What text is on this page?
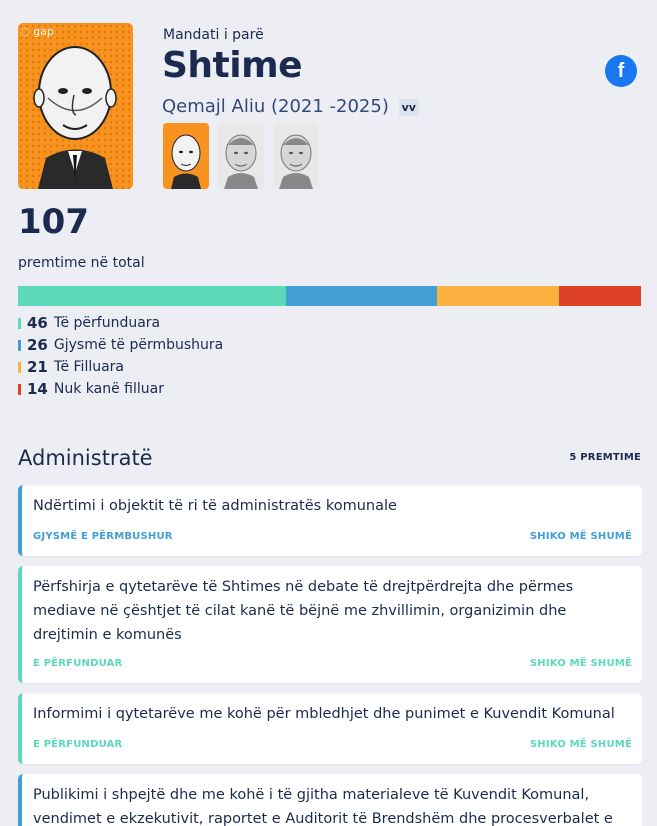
◌ gap	Mandati i parë
Shtime
Qemajl Aliu (2021 -2025) vv
f
107
premtime në total
46 Të përfunduara
26 Gjysmë të përmbushura
21 Të Filluara
14 Nuk kanë filluar
Administratë	5 PREMTIME
Ndërtimi i objektit të ri të administratës komunale
GJYSMË E PËRMBUSHUR	SHIKO MË SHUMË
Përfshirja e qytetarëve të Shtimes në debate të drejtpërdrejta dhe përmes mediave në çështjet të cilat kanë të bëjnë me zhvillimin, organizimin dhe drejtimin e komunës
E PËRFUNDUAR	SHIKO MË SHUMË
Informimi i qytetarëve me kohë për mbledhjet dhe punimet e Kuvendit Komunal
E PËRFUNDUAR	SHIKO MË SHUMË
Publikimi i shpejtë dhe me kohë i të gjitha materialeve të Kuvendit Komunal, vendimet e ekzekutivit, raportet e Auditorit të Brendshëm dhe procesverbalet e
